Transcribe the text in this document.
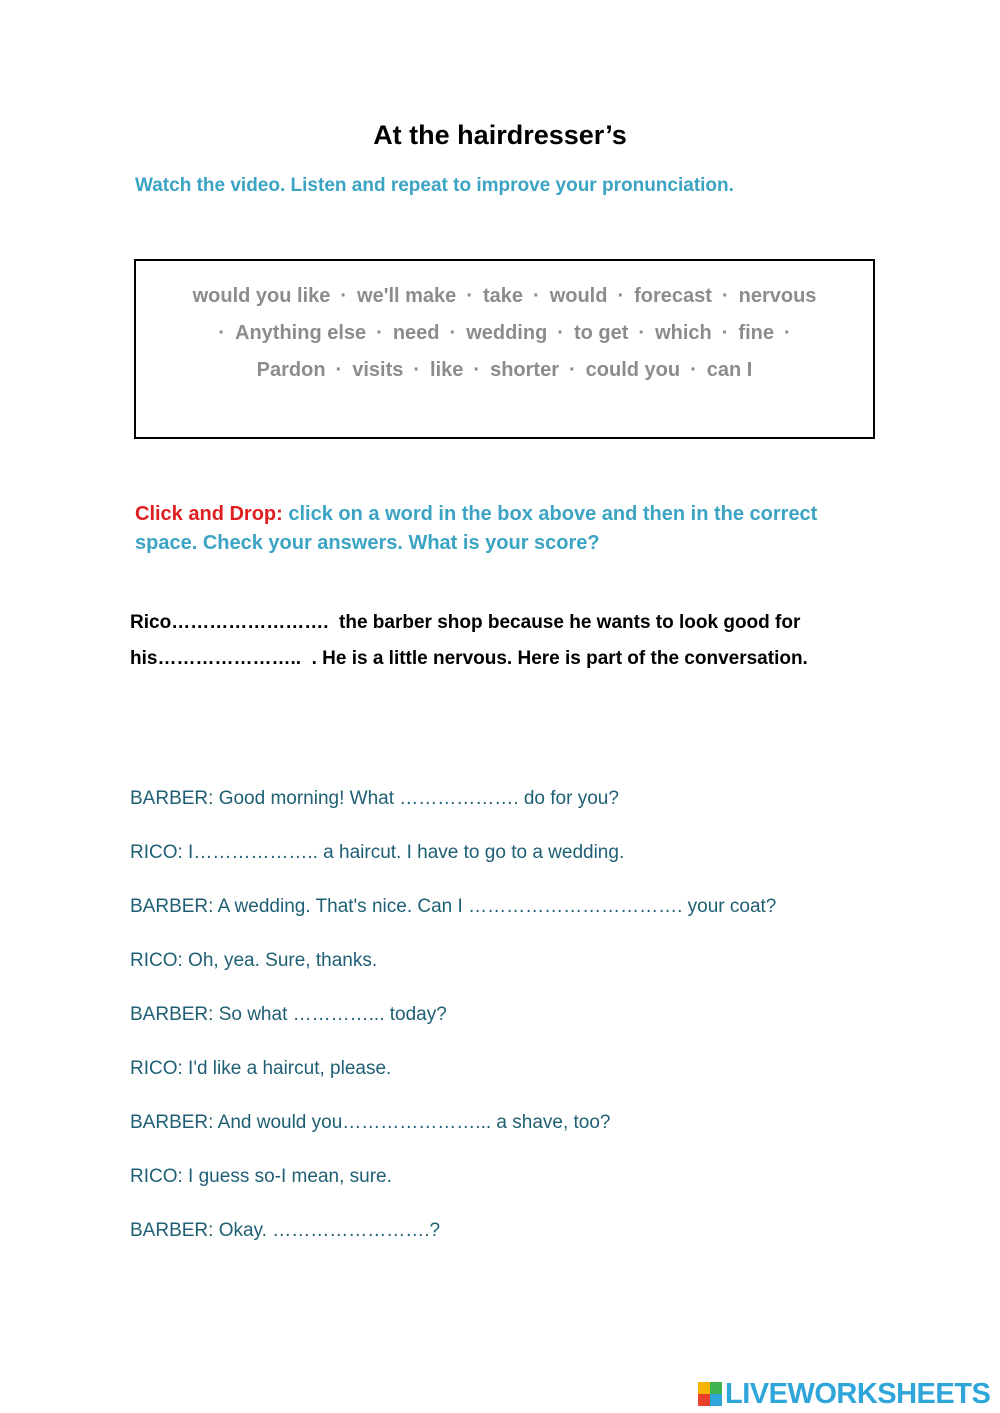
At the hairdresser’s
Watch the video. Listen and repeat to improve your pronunciation.
would you like · we'll make · take · would · forecast · nervous
· Anything else · need · wedding · to get · which · fine ·
Pardon · visits · like · shorter · could you · can I
Click and Drop: click on a word in the box above and then in the correct space. Check your answers. What is your score?
Rico……………………. the barber shop because he wants to look good for his………………….. . He is a little nervous. Here is part of the conversation.
BARBER: Good morning! What ………………. do for you?
RICO: I……………….. a haircut. I have to go to a wedding.
BARBER: A wedding. That's nice. Can I ……………………………. your coat?
RICO: Oh, yea. Sure, thanks.
BARBER: So what …………... today?
RICO: I'd like a haircut, please.
BARBER: And would you…………………... a shave, too?
RICO: I guess so-I mean, sure.
BARBER: Okay. …………………….?
LIVEWORKSHEETS
